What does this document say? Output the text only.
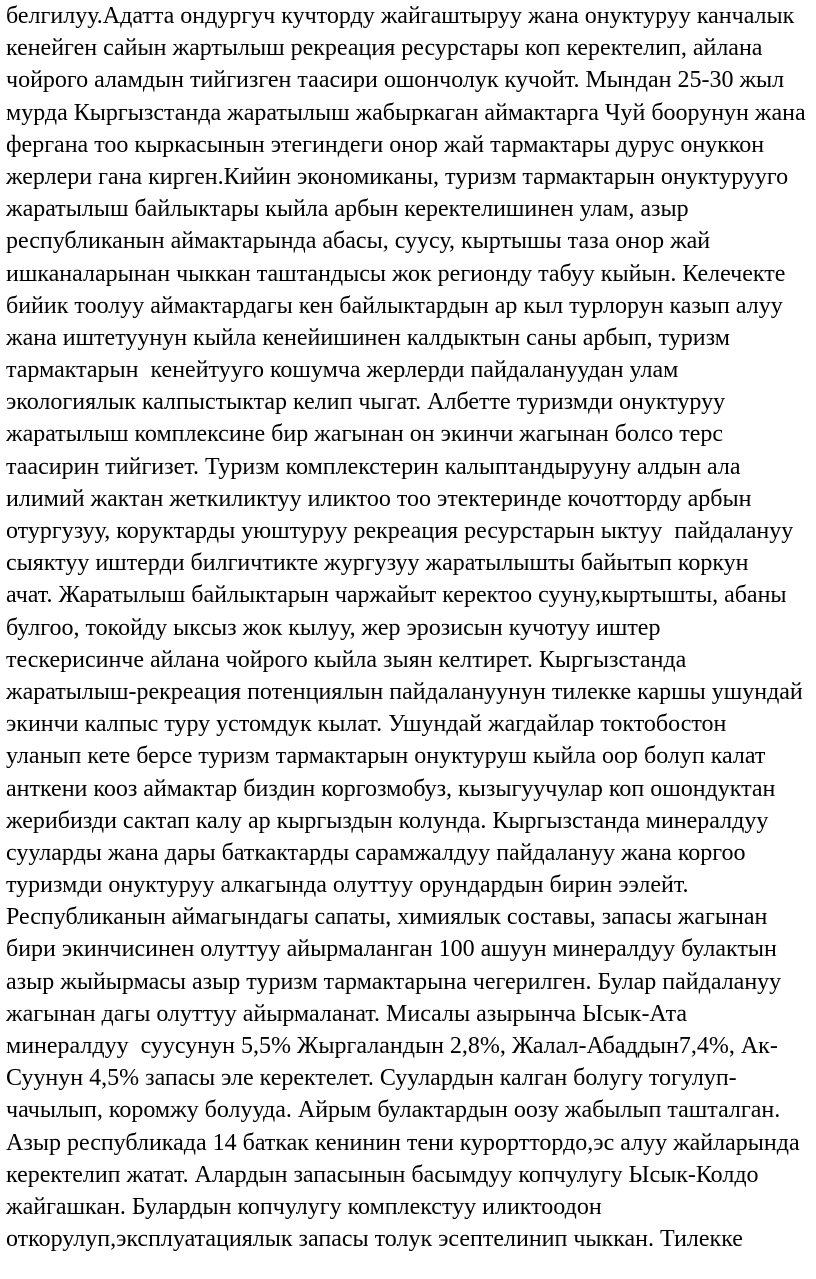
белгилуу.Адатта ондургуч кучторду жайгаштыруу жана онуктуруу канчалык
кенейген сайын жартылыш рекреация ресурстары коп керектелип, айлана
чойрого аламдын тийгизген таасири ошончолук кучойт. Мындан 25-30 жыл
мурда Кыргызстанда жаратылыш жабыркаган аймактарга Чуй боорунун жана
фергана тоо кыркасынын этегиндеги онор жай тармактары дурус онуккон
жерлери гана кирген.Кийин экономиканы, туризм тармактарын онуктурууго
жаратылыш байлыктары кыйла арбын керектелишинен улам, азыр
республиканын аймактарында абасы, суусу, кыртышы таза онор жай
ишканаларынан чыккан таштандысы жок регионду табуу кыйын. Келечекте
бийик тоолуу аймактардагы кен байлыктардын ар кыл турлорун казып алуу
жана иштетуунун кыйла кенейишинен калдыктын саны арбып, туризм
тармактарын  кенейтууго кошумча жерлерди пайдалануудан улам
экологиялык калпыстыктар келип чыгат. Албетте туризмди онуктуруу
жаратылыш комплексине бир жагынан он экинчи жагынан болсо терс
таасирин тийгизет. Туризм комплекстерин калыптандырууну алдын ала
илимий жактан жеткиликтуу иликтоо тоо этектеринде кочотторду арбын
отургузуу, коруктарды уюштуруу рекреация ресурстарын ыктуу  пайдалануу
сыяктуу иштерди билгичтикте жургузуу жаратылышты байытып коркун
ачат. Жаратылыш байлыктарын чаржайыт керектоо сууну,кыртышты, абаны
булгоо, токойду ыксыз жок кылуу, жер эрозисын кучотуу иштер
тескерисинче айлана чойрого кыйла зыян келтирет. Кыргызстанда
жаратылыш-рекреация потенциялын пайдалануунун тилекке каршы ушундай
экинчи калпыс туру устомдук кылат. Ушундай жагдайлар токтобостон
уланып кете берсе туризм тармактарын онуктуруш кыйла оор болуп калат
анткени кооз аймактар биздин коргозмобуз, кызыгуучулар коп ошондуктан
жерибизди сактап калу ар кыргыздын колунда. Кыргызстанда минералдуу
сууларды жана дары баткактарды сарамжалдуу пайдалануу жана коргоо
туризмди онуктуруу алкагында олуттуу орундардын бирин ээлейт.
Республиканын аймагындагы сапаты, химиялык составы, запасы жагынан
бири экинчисинен олуттуу айырмаланган 100 ашуун минералдуу булактын
азыр жыйырмасы азыр туризм тармактарына чегерилген. Булар пайдалануу
жагынан дагы олуттуу айырмаланат. Мисалы азырынча Ысык-Ата
минералдуу  суусунун 5,5% Жыргаландын 2,8%, Жалал-Абаддын7,4%, Ак-
Суунун 4,5% запасы эле керектелет. Суулардын калган болугу тогулуп-
чачылып, коромжу болууда. Айрым булактардын оозу жабылып ташталган.
Азыр республикада 14 баткак кенинин тени курорттордо,эс алуу жайларында
керектелип жатат. Алардын запасынын басымдуу копчулугу Ысык-Колдо
жайгашкан. Булардын копчулугу комплекстуу иликтоодон
откорулуп,эксплуатациялык запасы толук эсептелинип чыккан. Тилекке
